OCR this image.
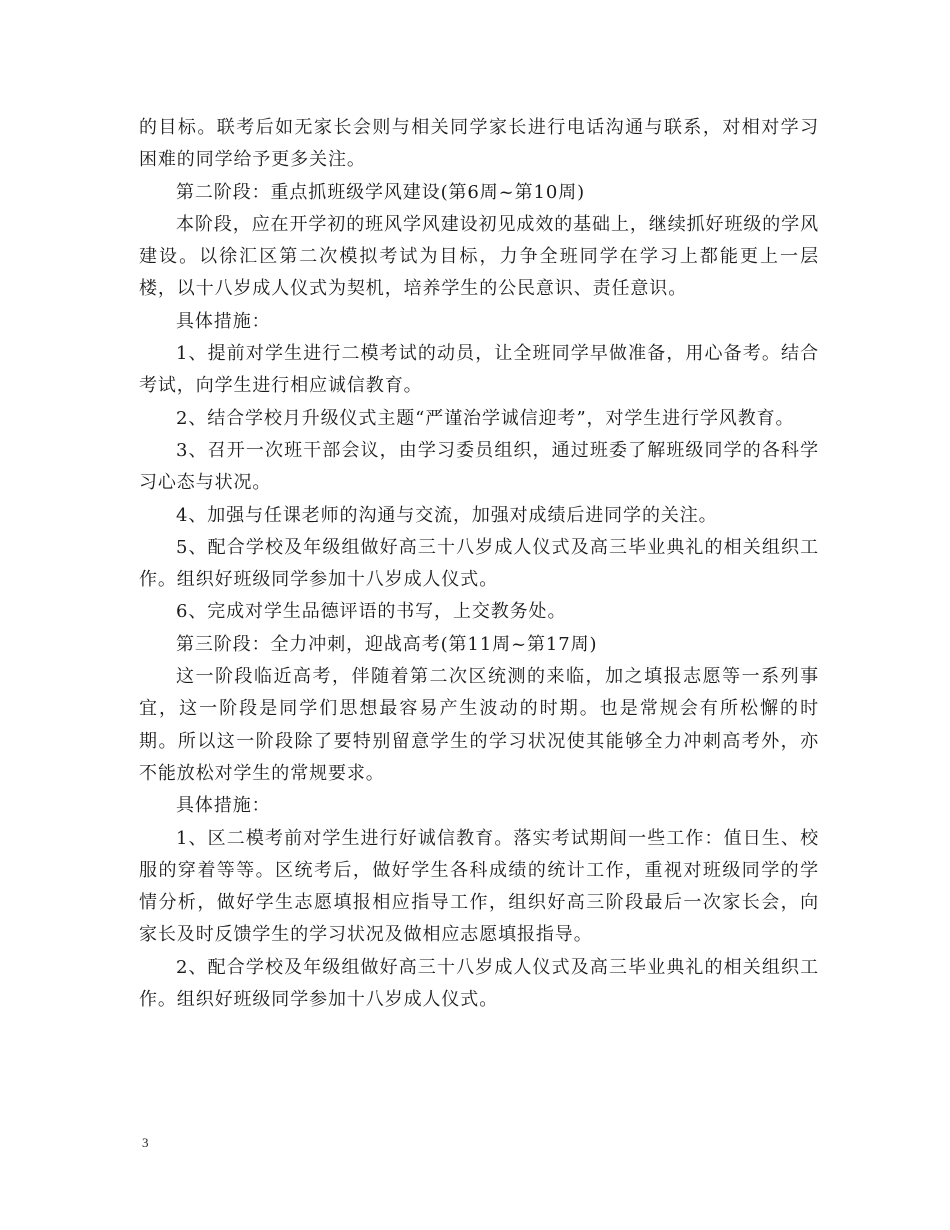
的目标。联考后如无家长会则与相关同学家长进行电话沟通与联系，对相对学习困难的同学给予更多关注。

第二阶段：重点抓班级学风建设(第6周~第10周)

本阶段，应在开学初的班风学风建设初见成效的基础上，继续抓好班级的学风建设。以徐汇区第二次模拟考试为目标，力争全班同学在学习上都能更上一层楼，以十八岁成人仪式为契机，培养学生的公民意识、责任意识。

具体措施：

1、提前对学生进行二模考试的动员，让全班同学早做准备，用心备考。结合考试，向学生进行相应诚信教育。

2、结合学校月升级仪式主题“严谨治学诚信迎考”，对学生进行学风教育。

3、召开一次班干部会议，由学习委员组织，通过班委了解班级同学的各科学习心态与状况。

4、加强与任课老师的沟通与交流，加强对成绩后进同学的关注。

5、配合学校及年级组做好高三十八岁成人仪式及高三毕业典礼的相关组织工作。组织好班级同学参加十八岁成人仪式。

6、完成对学生品德评语的书写，上交教务处。

第三阶段：全力冲刺，迎战高考(第11周~第17周)

这一阶段临近高考，伴随着第二次区统测的来临，加之填报志愿等一系列事宜，这一阶段是同学们思想最容易产生波动的时期。也是常规会有所松懈的时期。所以这一阶段除了要特别留意学生的学习状况使其能够全力冲刺高考外，亦不能放松对学生的常规要求。

具体措施：

1、区二模考前对学生进行好诚信教育。落实考试期间一些工作：值日生、校服的穿着等等。区统考后，做好学生各科成绩的统计工作，重视对班级同学的学情分析，做好学生志愿填报相应指导工作，组织好高三阶段最后一次家长会，向家长及时反馈学生的学习状况及做相应志愿填报指导。

2、配合学校及年级组做好高三十八岁成人仪式及高三毕业典礼的相关组织工作。组织好班级同学参加十八岁成人仪式。

3
